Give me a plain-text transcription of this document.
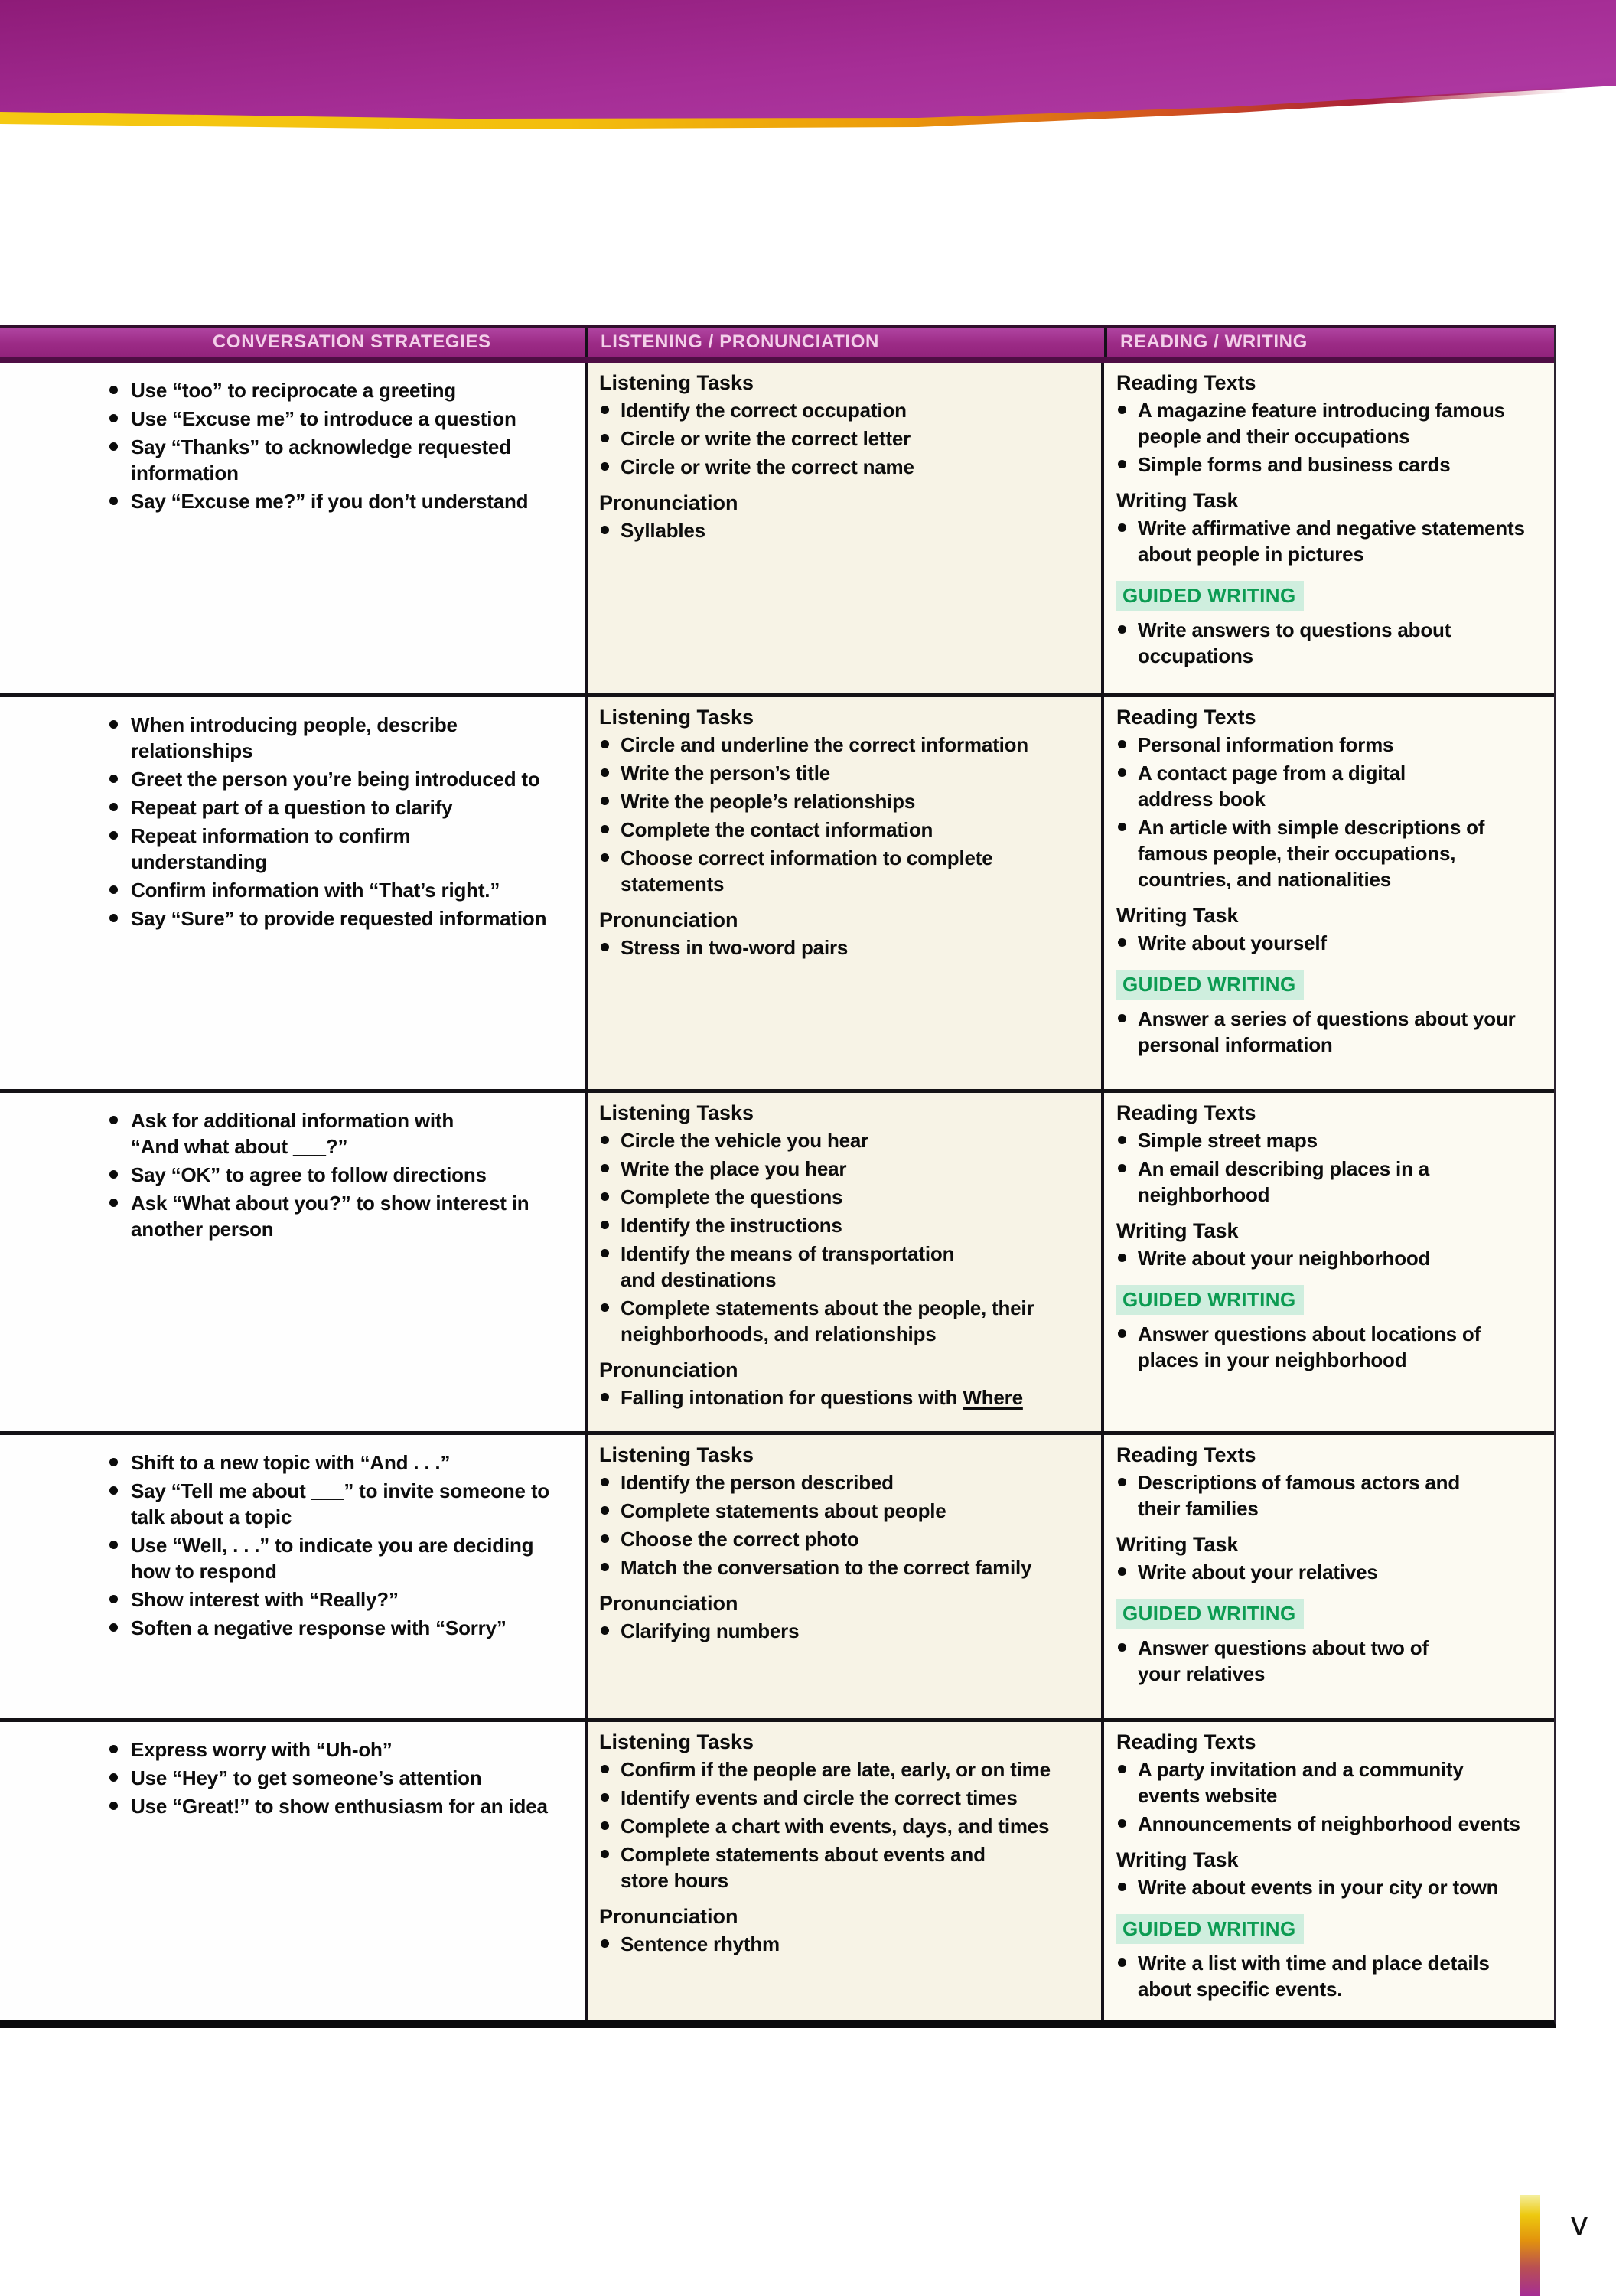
CONVERSATION STRATEGIES	LISTENING / PRONUNCIATION	READING / WRITING
Use “too” to reciprocate a greeting
Use “Excuse me” to introduce a question
Say “Thanks” to acknowledge requested
information
Say “Excuse me?” if you don’t understand
Listening Tasks
Identify the correct occupation
Circle or write the correct letter
Circle or write the correct name
Pronunciation
Syllables
Reading Texts
A magazine feature introducing famous
people and their occupations
Simple forms and business cards
Writing Task
Write affirmative and negative statements
about people in pictures
GUIDED WRITING
Write answers to questions about
occupations
When introducing people, describe
relationships
Greet the person you’re being introduced to
Repeat part of a question to clarify
Repeat information to confirm
understanding
Confirm information with “That’s right.”
Say “Sure” to provide requested information
Listening Tasks
Circle and underline the correct information
Write the person’s title
Write the people’s relationships
Complete the contact information
Choose correct information to complete
statements
Pronunciation
Stress in two-word pairs
Reading Texts
Personal information forms
A contact page from a digital
address book
An article with simple descriptions of
famous people, their occupations,
countries, and nationalities
Writing Task
Write about yourself
GUIDED WRITING
Answer a series of questions about your
personal information
Ask for additional information with
“And what about ___?”
Say “OK” to agree to follow directions
Ask “What about you?” to show interest in
another person
Listening Tasks
Circle the vehicle you hear
Write the place you hear
Complete the questions
Identify the instructions
Identify the means of transportation
and destinations
Complete statements about the people, their
neighborhoods, and relationships
Pronunciation
Falling intonation for questions with Where
Reading Texts
Simple street maps
An email describing places in a
neighborhood
Writing Task
Write about your neighborhood
GUIDED WRITING
Answer questions about locations of
places in your neighborhood
Shift to a new topic with “And . . .”
Say “Tell me about ___” to invite someone to
talk about a topic
Use “Well, . . .” to indicate you are deciding
how to respond
Show interest with “Really?”
Soften a negative response with “Sorry”
Listening Tasks
Identify the person described
Complete statements about people
Choose the correct photo
Match the conversation to the correct family
Pronunciation
Clarifying numbers
Reading Texts
Descriptions of famous actors and
their families
Writing Task
Write about your relatives
GUIDED WRITING
Answer questions about two of
your relatives
Express worry with “Uh-oh”
Use “Hey” to get someone’s attention
Use “Great!” to show enthusiasm for an idea
Listening Tasks
Confirm if the people are late, early, or on time
Identify events and circle the correct times
Complete a chart with events, days, and times
Complete statements about events and
store hours
Pronunciation
Sentence rhythm
Reading Texts
A party invitation and a community
events website
Announcements of neighborhood events
Writing Task
Write about events in your city or town
GUIDED WRITING
Write a list with time and place details
about specific events.
v
